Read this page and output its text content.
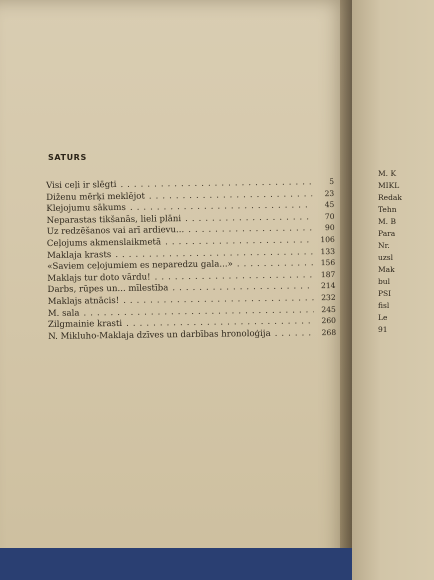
SATURS
Visi ceļi ir slēgti .....	5
Diženu mērķi meklējot .....	23
Klejojumu sākums .....	45
Neparastas tikšanās, lieli plāni .....	70
Uz redzēšanos vai arī ardievu... .....	90
Ceļojums akmenslaikmetā .....	106
Maklaja krasts .....	133
«Saviem ceļojumiem es neparedzu gala...» .....	156
Maklajs tur doto vārdu! .....	187
Darbs, rūpes un... mīlestība .....	214
Maklajs atnācis! .....	232
M. sala .....	245
Zilgmainie krasti .....	260
N. Mikluho-Maklaja dzīves un darbības hronoloģija .....	268
M. K
MIKL
Redak
Tehn
M. B
Para
Nr.
uzsl
Mak
bul
PSI
fisl
Le
91
